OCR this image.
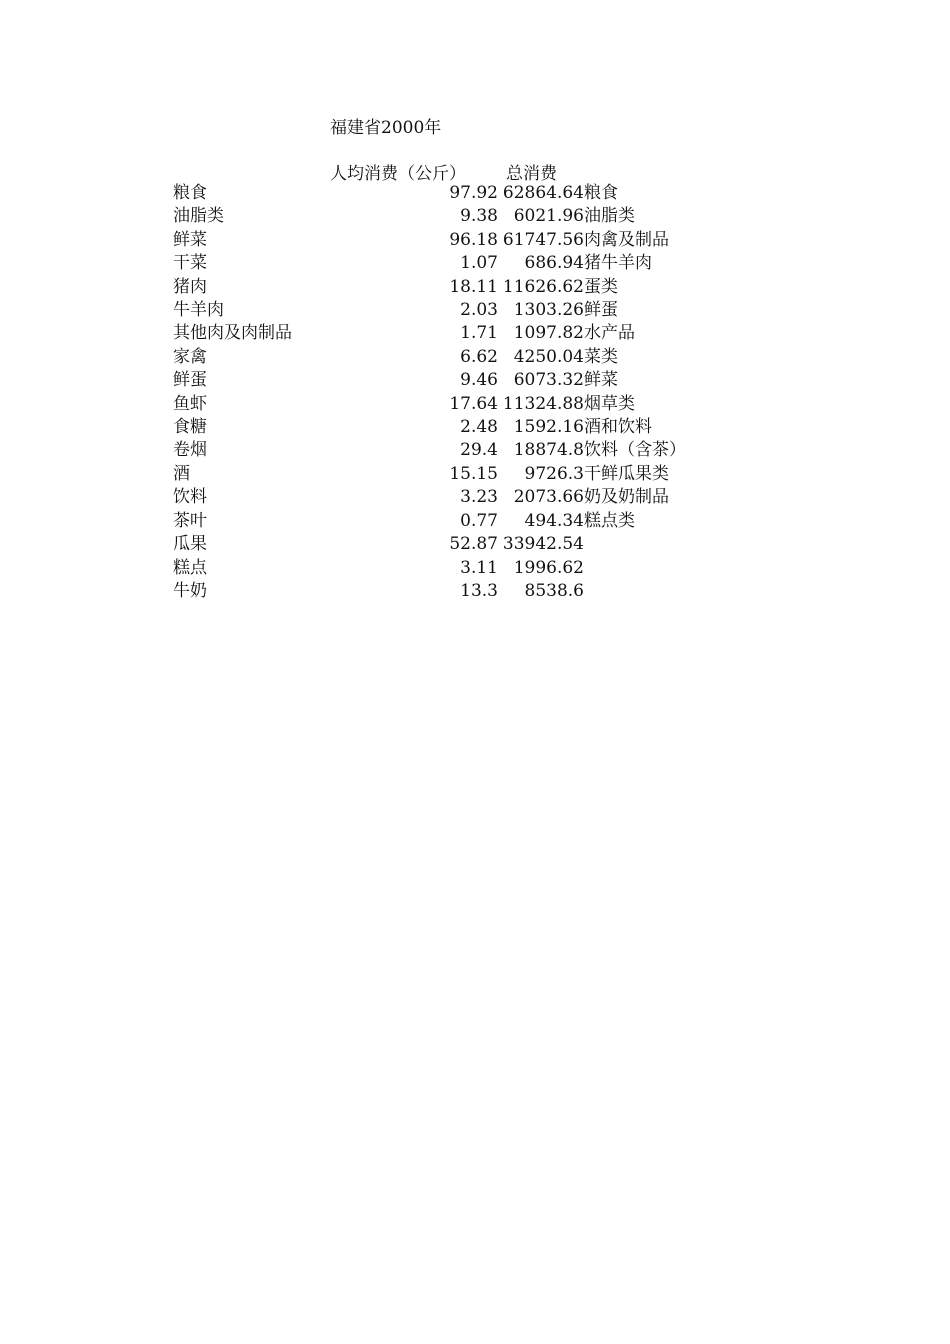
福建省2000年
人均消费（公斤） 总消费
粮食	97.92	62864.64	粮食
油脂类	9.38	6021.96	油脂类
鲜菜	96.18	61747.56	肉禽及制品
干菜	1.07	686.94	猪牛羊肉
猪肉	18.11	11626.62	蛋类
牛羊肉	2.03	1303.26	鲜蛋
其他肉及肉制品	1.71	1097.82	水产品
家禽	6.62	4250.04	菜类
鲜蛋	9.46	6073.32	鲜菜
鱼虾	17.64	11324.88	烟草类
食糖	2.48	1592.16	酒和饮料
卷烟	29.4	18874.8	饮料（含茶）
酒	15.15	9726.3	干鲜瓜果类
饮料	3.23	2073.66	奶及奶制品
茶叶	0.77	494.34	糕点类
瓜果	52.87	33942.54	
糕点	3.11	1996.62	
牛奶	13.3	8538.6	
